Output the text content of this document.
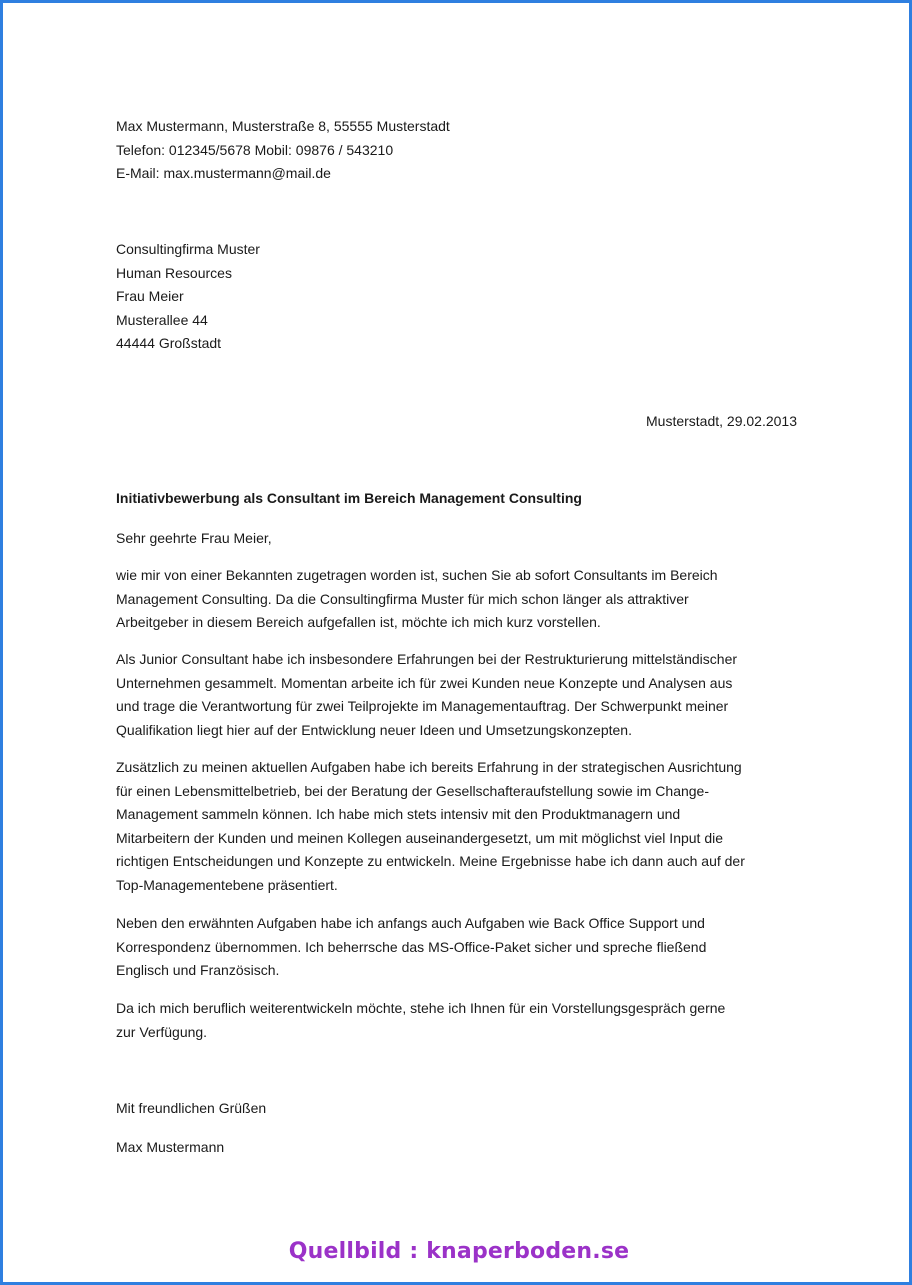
Max Mustermann, Musterstraße 8, 55555 Musterstadt
Telefon: 012345/5678 Mobil: 09876 / 543210
E-Mail: max.mustermann@mail.de
Consultingfirma Muster
Human Resources
Frau Meier
Musterallee 44
44444 Großstadt
Musterstadt, 29.02.2013
Initiativbewerbung als Consultant im Bereich Management Consulting
Sehr geehrte Frau Meier,
wie mir von einer Bekannten zugetragen worden ist, suchen Sie ab sofort Consultants im Bereich
Management Consulting. Da die Consultingfirma Muster für mich schon länger als attraktiver
Arbeitgeber in diesem Bereich aufgefallen ist, möchte ich mich kurz vorstellen.
Als Junior Consultant habe ich insbesondere Erfahrungen bei der Restrukturierung mittelständischer
Unternehmen gesammelt. Momentan arbeite ich für zwei Kunden neue Konzepte und Analysen aus
und trage die Verantwortung für zwei Teilprojekte im Managementauftrag. Der Schwerpunkt meiner
Qualifikation liegt hier auf der Entwicklung neuer Ideen und Umsetzungskonzepten.
Zusätzlich zu meinen aktuellen Aufgaben habe ich bereits Erfahrung in der strategischen Ausrichtung
für einen Lebensmittelbetrieb, bei der Beratung der Gesellschafteraufstellung sowie im Change-
Management sammeln können. Ich habe mich stets intensiv mit den Produktmanagern und
Mitarbeitern der Kunden und meinen Kollegen auseinandergesetzt, um mit möglichst viel Input die
richtigen Entscheidungen und Konzepte zu entwickeln. Meine Ergebnisse habe ich dann auch auf der
Top-Managementebene präsentiert.
Neben den erwähnten Aufgaben habe ich anfangs auch Aufgaben wie Back Office Support und
Korrespondenz übernommen. Ich beherrsche das MS-Office-Paket sicher und spreche fließend
Englisch und Französisch.
Da ich mich beruflich weiterentwickeln möchte, stehe ich Ihnen für ein Vorstellungsgespräch gerne
zur Verfügung.
Mit freundlichen Grüßen
Max Mustermann
Quellbild : knaperboden.se
